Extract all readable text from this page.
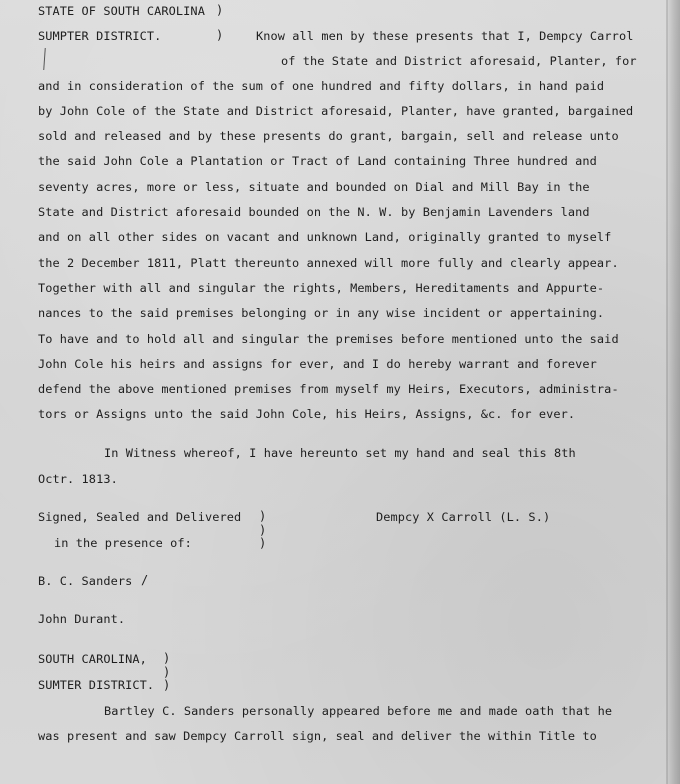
STATE OF SOUTH CAROLINA )
SUMPTER DISTRICT.	)	Know all men by these presents that I, Dempcy Carrol
of the State and District aforesaid, Planter, for
and in consideration of the sum of one hundred and fifty dollars, in hand paid
by John Cole of the State and District aforesaid, Planter, have granted, bargained
sold and released and by these presents do grant, bargain, sell and release unto
the said John Cole a Plantation or Tract of Land containing Three hundred and
seventy acres, more or less, situate and bounded on Dial and Mill Bay in the
State and District aforesaid bounded on the N. W. by Benjamin Lavenders land
and on all other sides on vacant and unknown Land, originally granted to myself
the 2 December 1811, Platt thereunto annexed will more fully and clearly appear.
Together with all and singular the rights, Members, Hereditaments and Appurte-
nances to the said premises belonging or in any wise incident or appertaining.
To have and to hold all and singular the premises before mentioned unto the said
John Cole his heirs and assigns for ever, and I do hereby warrant and forever
defend the above mentioned premises from myself my Heirs, Executors, administra-
tors or Assigns unto the said John Cole, his Heirs, Assigns, &c. for ever.
In Witness whereof, I have hereunto set my hand and seal this 8th
Octr. 1813.
Signed, Sealed and Delivered )
)
in the presence of:	)
Dempcy X Carroll (L. S.)
B. C. Sanders /
John Durant.
SOUTH CAROLINA, )
)
SUMTER DISTRICT. )
Bartley C. Sanders personally appeared before me and made oath that he
was present and saw Dempcy Carroll sign, seal and deliver the within Title to
